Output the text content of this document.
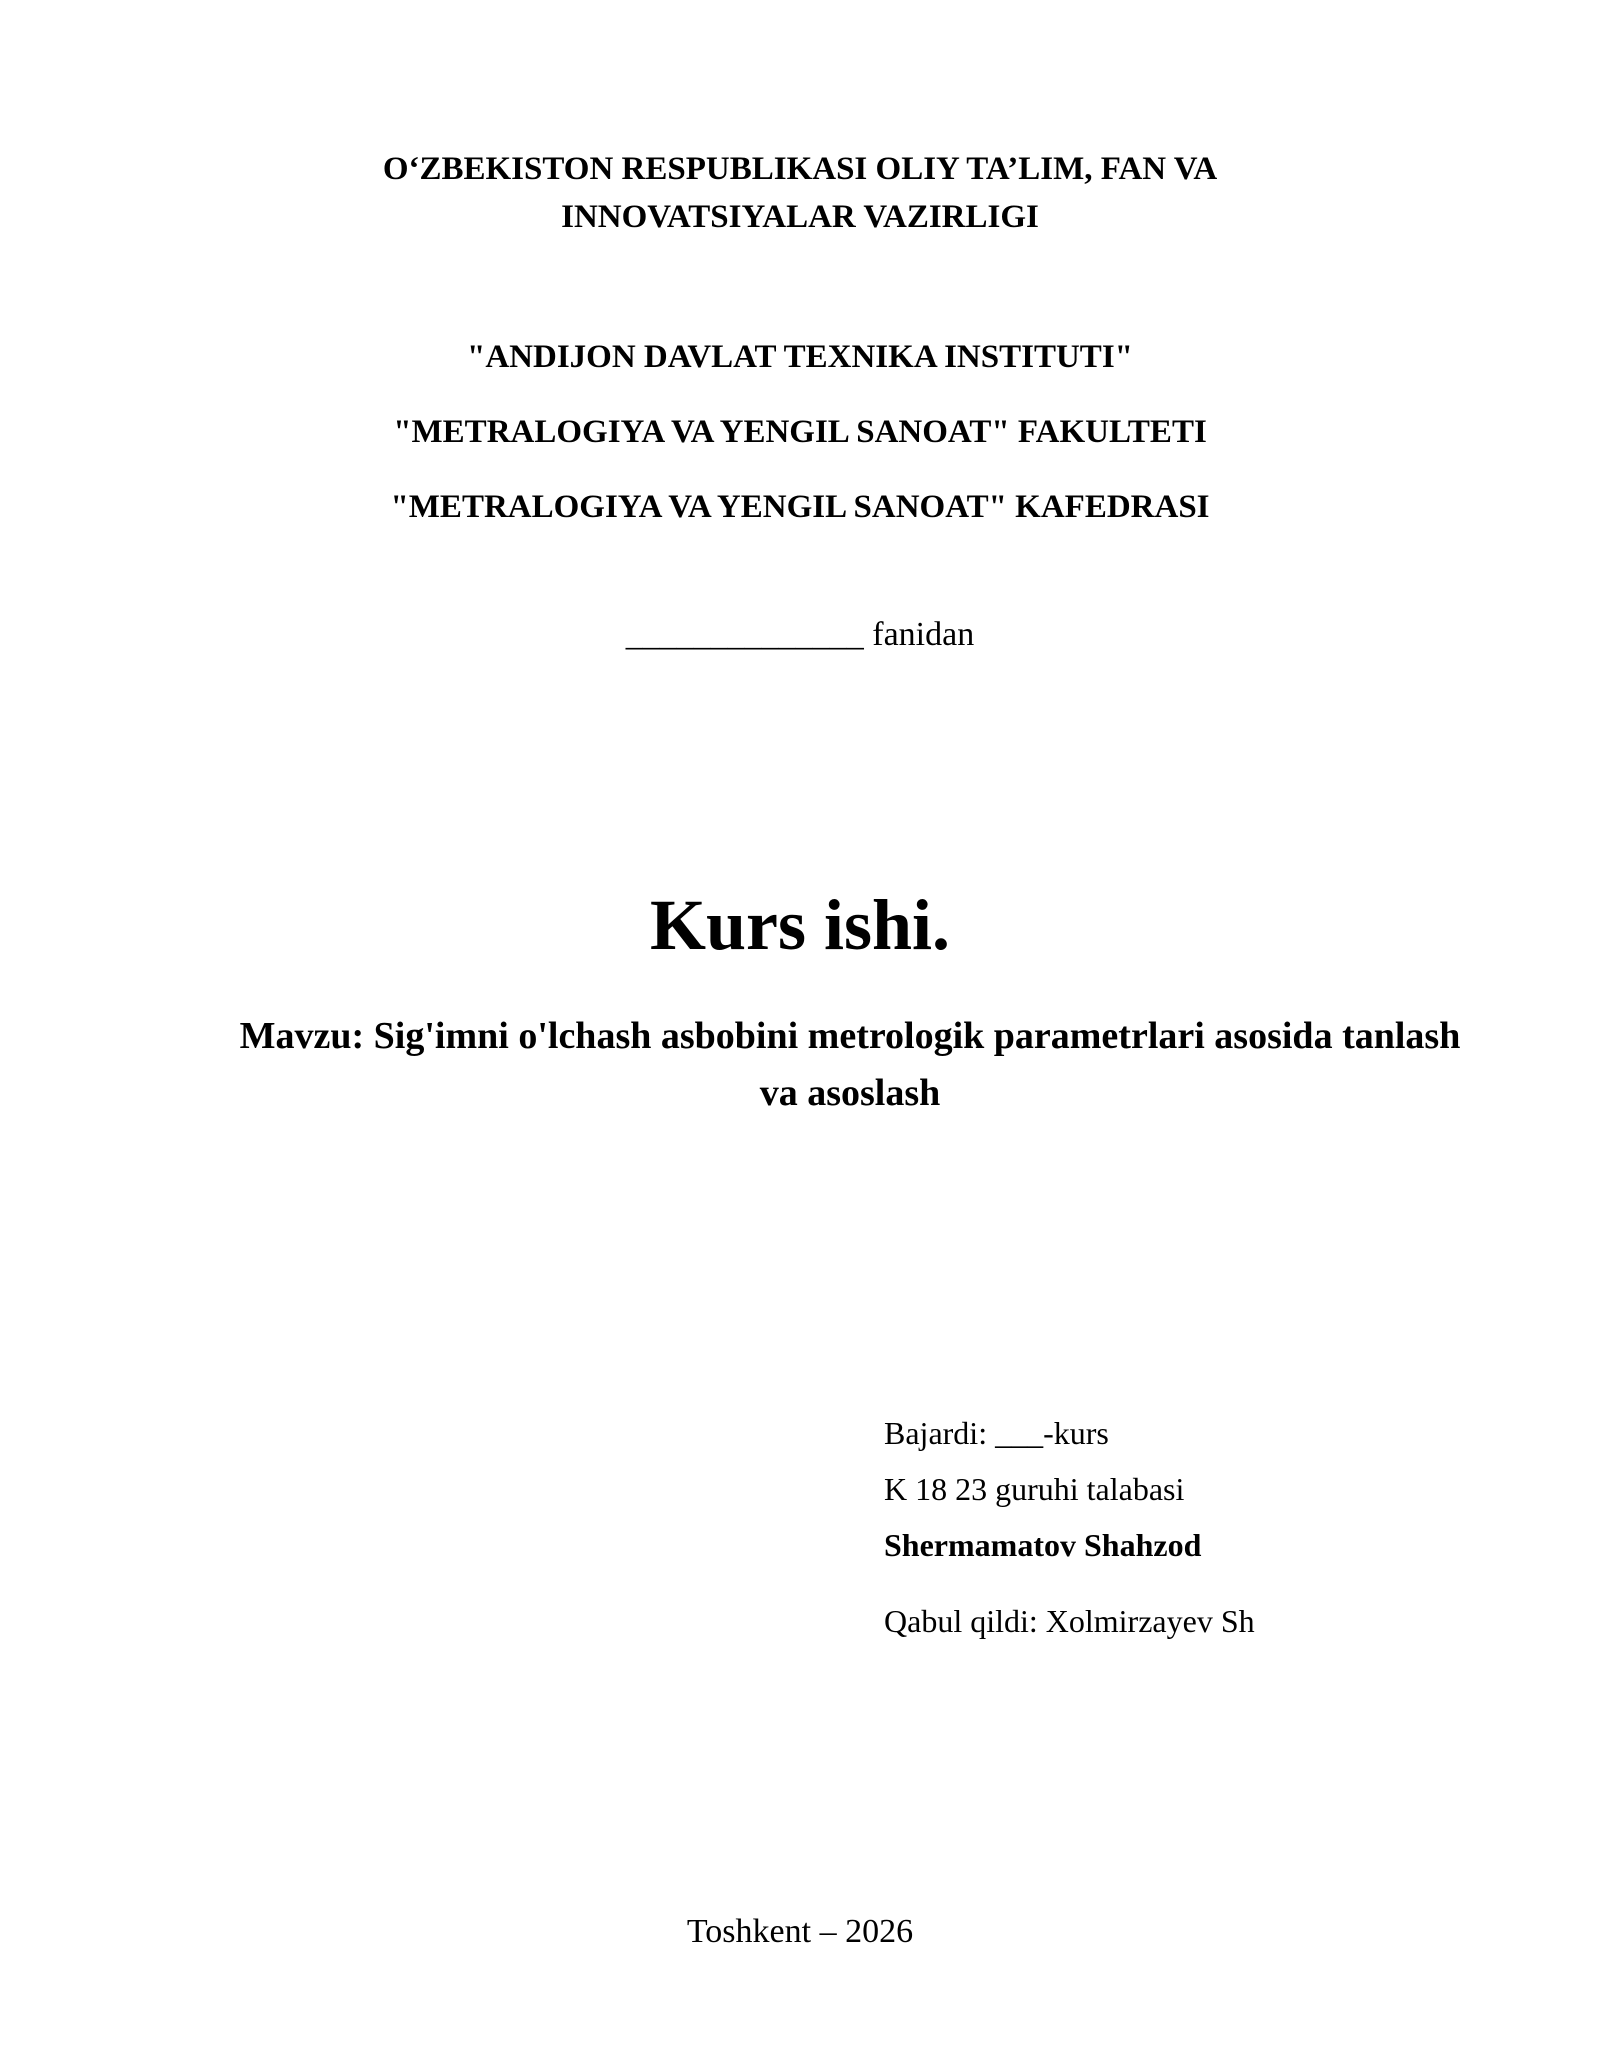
O‘ZBEKISTON RESPUBLIKASI OLIY TA’LIM, FAN VA
INNOVATSIYALAR VAZIRLIGI
"ANDIJON DAVLAT TEXNIKA INSTITUTI"
"METRALOGIYA VA YENGIL SANOAT" FAKULTETI
"METRALOGIYA VA YENGIL SANOAT" KAFEDRASI
______________ fanidan
Kurs ishi.
Mavzu: Sig'imni o'lchash asbobini metrologik parametrlari asosida tanlash va asoslash
Bajardi: ___-kurs
K 18 23 guruhi talabasi
Shermamatov Shahzod
Qabul qildi: Xolmirzayev Sh
Toshkent – 2026
